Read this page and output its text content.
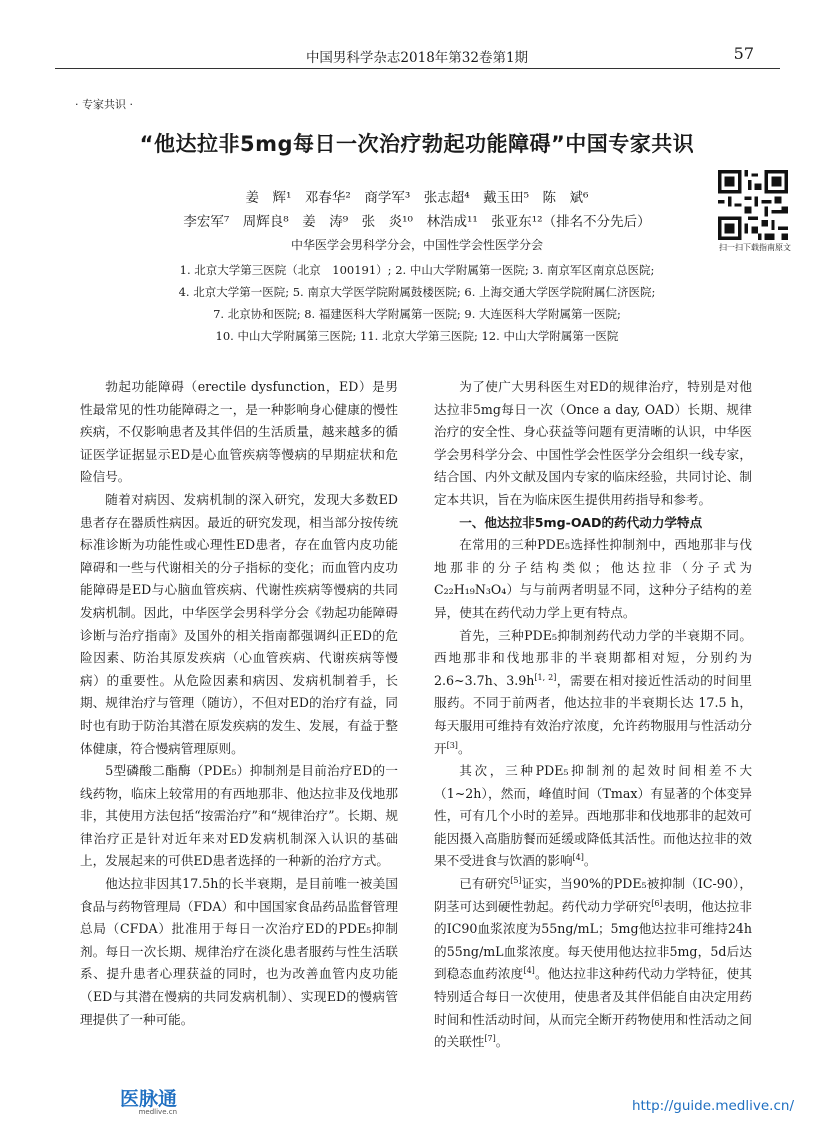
中国男科学杂志2018年第32卷第1期	57
· 专家共识 ·
“他达拉非5mg每日一次治疗勃起功能障碍”中国专家共识
姜　辉¹　邓春华²　商学军³　张志超⁴　戴玉田⁵　陈　斌⁶
李宏军⁷　周辉良⁸　姜　涛⁹　张　炎¹⁰　林浩成¹¹　张亚东¹²（排名不分先后）
中华医学会男科学分会，中国性学会性医学分会
1. 北京大学第三医院（北京　100191）; 2. 中山大学附属第一医院; 3. 南京军区南京总医院;
4. 北京大学第一医院; 5. 南京大学医学院附属鼓楼医院; 6. 上海交通大学医学院附属仁济医院;
7. 北京协和医院; 8. 福建医科大学附属第一医院; 9. 大连医科大学附属第一医院;
10. 中山大学附属第三医院; 11. 北京大学第三医院; 12. 中山大学附属第一医院
扫一扫下载指南原文

勃起功能障碍（erectile dysfunction，ED）是男性最常见的性功能障碍之一，是一种影响身心健康的慢性疾病，不仅影响患者及其伴侣的生活质量，越来越多的循证医学证据显示ED是心血管疾病等慢病的早期症状和危险信号。

随着对病因、发病机制的深入研究，发现大多数ED患者存在器质性病因。最近的研究发现，相当部分按传统标准诊断为功能性或心理性ED患者，存在血管内皮功能障碍和一些与代谢相关的分子指标的变化；而血管内皮功能障碍是ED与心脑血管疾病、代谢性疾病等慢病的共同发病机制。因此，中华医学会男科学分会《勃起功能障碍诊断与治疗指南》及国外的相关指南都强调纠正ED的危险因素、防治其原发疾病（心血管疾病、代谢疾病等慢病）的重要性。从危险因素和病因、发病机制着手，长期、规律治疗与管理（随访），不但对ED的治疗有益，同时也有助于防治其潜在原发疾病的发生、发展，有益于整体健康，符合慢病管理原则。

5型磷酸二酯酶（PDE₅）抑制剂是目前治疗ED的一线药物，临床上较常用的有西地那非、他达拉非及伐地那非，其使用方法包括“按需治疗”和“规律治疗”。长期、规律治疗正是针对近年来对ED发病机制深入认识的基础上，发展起来的可供ED患者选择的一种新的治疗方式。

他达拉非因其17.5h的长半衰期，是目前唯一被美国食品与药物管理局（FDA）和中国国家食品药品监督管理总局（CFDA）批准用于每日一次治疗ED的PDE₅抑制剂。每日一次长期、规律治疗在淡化患者服药与性生活联系、提升患者心理获益的同时，也为改善血管内皮功能（ED与其潜在慢病的共同发病机制）、实现ED的慢病管理提供了一种可能。

为了使广大男科医生对ED的规律治疗，特别是对他达拉非5mg每日一次（Once a day, OAD）长期、规律治疗的安全性、身心获益等问题有更清晰的认识，中华医学会男科学分会、中国性学会性医学分会组织一线专家，结合国、内外文献及国内专家的临床经验，共同讨论、制定本共识，旨在为临床医生提供用药指导和参考。

一、他达拉非5mg-OAD的药代动力学特点

在常用的三种PDE₅选择性抑制剂中，西地那非与伐地那非的分子结构类似；他达拉非（分子式为C₂₂H₁₉N₃O₄）与与前两者明显不同，这种分子结构的差异，使其在药代动力学上更有特点。

首先，三种PDE₅抑制剂药代动力学的半衰期不同。西地那非和伐地那非的半衰期都相对短，分别约为2.6~3.7h、3.9h[1, 2]，需要在相对接近性活动的时间里服药。不同于前两者，他达拉非的半衰期长达 17.5 h，每天服用可维持有效治疗浓度，允许药物服用与性活动分开[3]。

其次，三种PDE₅抑制剂的起效时间相差不大（1~2h），然而，峰值时间（Tmax）有显著的个体变异性，可有几个小时的差异。西地那非和伐地那非的起效可能因摄入高脂肪餐而延缓或降低其活性。而他达拉非的效果不受进食与饮酒的影响[4]。

已有研究[5]证实，当90%的PDE₅被抑制（IC-90），阴茎可达到硬性勃起。药代动力学研究[6]表明，他达拉非的IC90血浆浓度为55ng/mL；5mg他达拉非可维持24h的55ng/mL血浆浓度。每天使用他达拉非5mg，5d后达到稳态血药浓度[4]。他达拉非这种药代动力学特征，使其特别适合每日一次使用，使患者及其伴侣能自由决定用药时间和性活动时间，从而完全断开药物使用和性活动之间的关联性[7]。

医脉通
medlive.cn	http://guide.medlive.cn/
